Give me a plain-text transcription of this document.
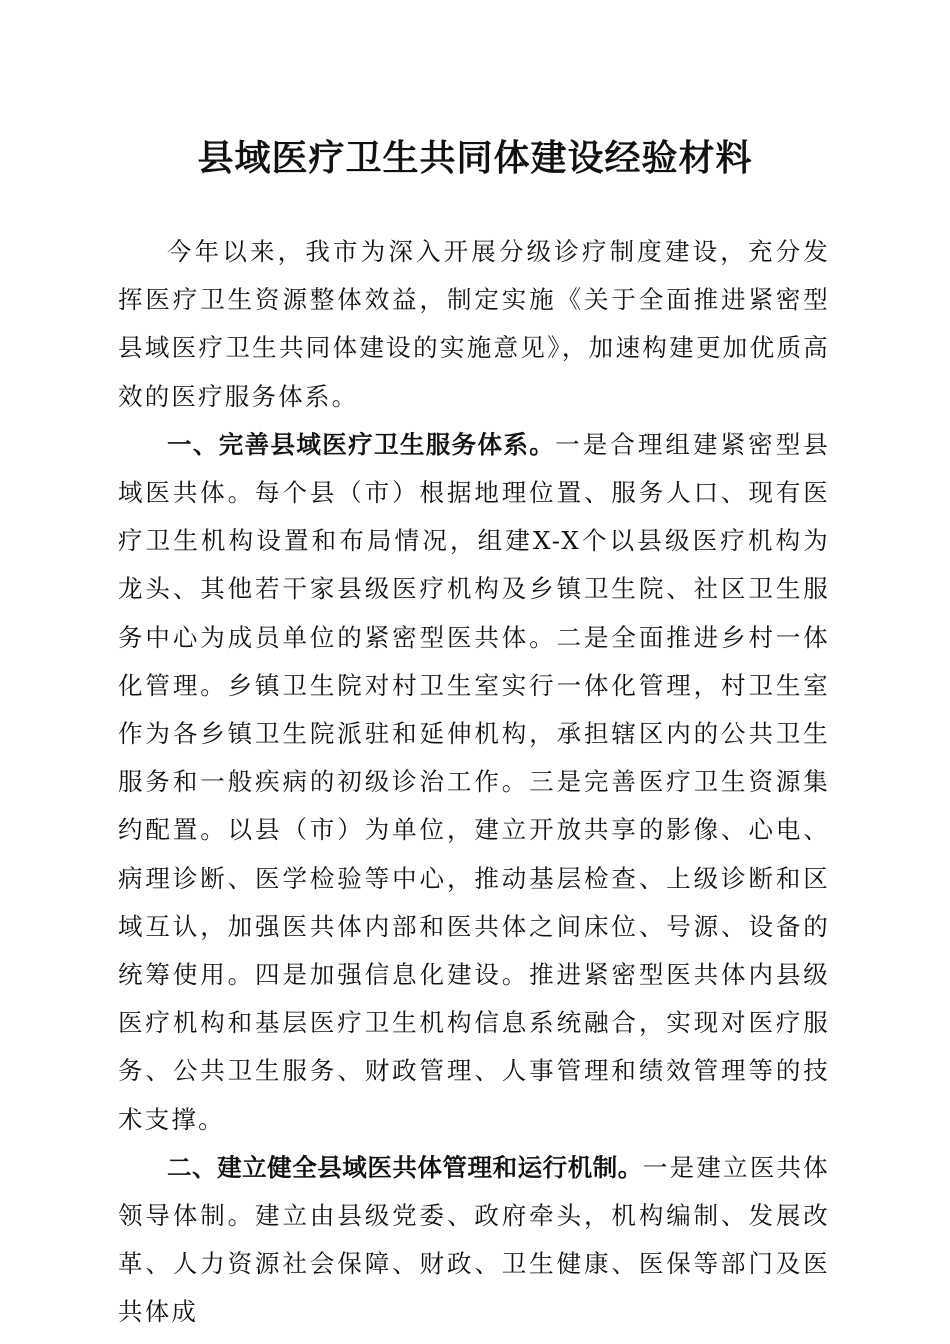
县域医疗卫生共同体建设经验材料

今年以来，我市为深入开展分级诊疗制度建设，充分发挥医疗卫生资源整体效益，制定实施《关于全面推进紧密型县域医疗卫生共同体建设的实施意见》，加速构建更加优质高效的医疗服务体系。

一、完善县域医疗卫生服务体系。一是合理组建紧密型县域医共体。每个县（市）根据地理位置、服务人口、现有医疗卫生机构设置和布局情况，组建X-X个以县级医疗机构为龙头、其他若干家县级医疗机构及乡镇卫生院、社区卫生服务中心为成员单位的紧密型医共体。二是全面推进乡村一体化管理。乡镇卫生院对村卫生室实行一体化管理，村卫生室作为各乡镇卫生院派驻和延伸机构，承担辖区内的公共卫生服务和一般疾病的初级诊治工作。三是完善医疗卫生资源集约配置。以县（市）为单位，建立开放共享的影像、心电、病理诊断、医学检验等中心，推动基层检查、上级诊断和区域互认，加强医共体内部和医共体之间床位、号源、设备的统筹使用。四是加强信息化建设。推进紧密型医共体内县级医疗机构和基层医疗卫生机构信息系统融合，实现对医疗服务、公共卫生服务、财政管理、人事管理和绩效管理等的技术支撑。

二、建立健全县域医共体管理和运行机制。一是建立医共体领导体制。建立由县级党委、政府牵头，机构编制、发展改革、人力资源社会保障、财政、卫生健康、医保等部门及医共体成
